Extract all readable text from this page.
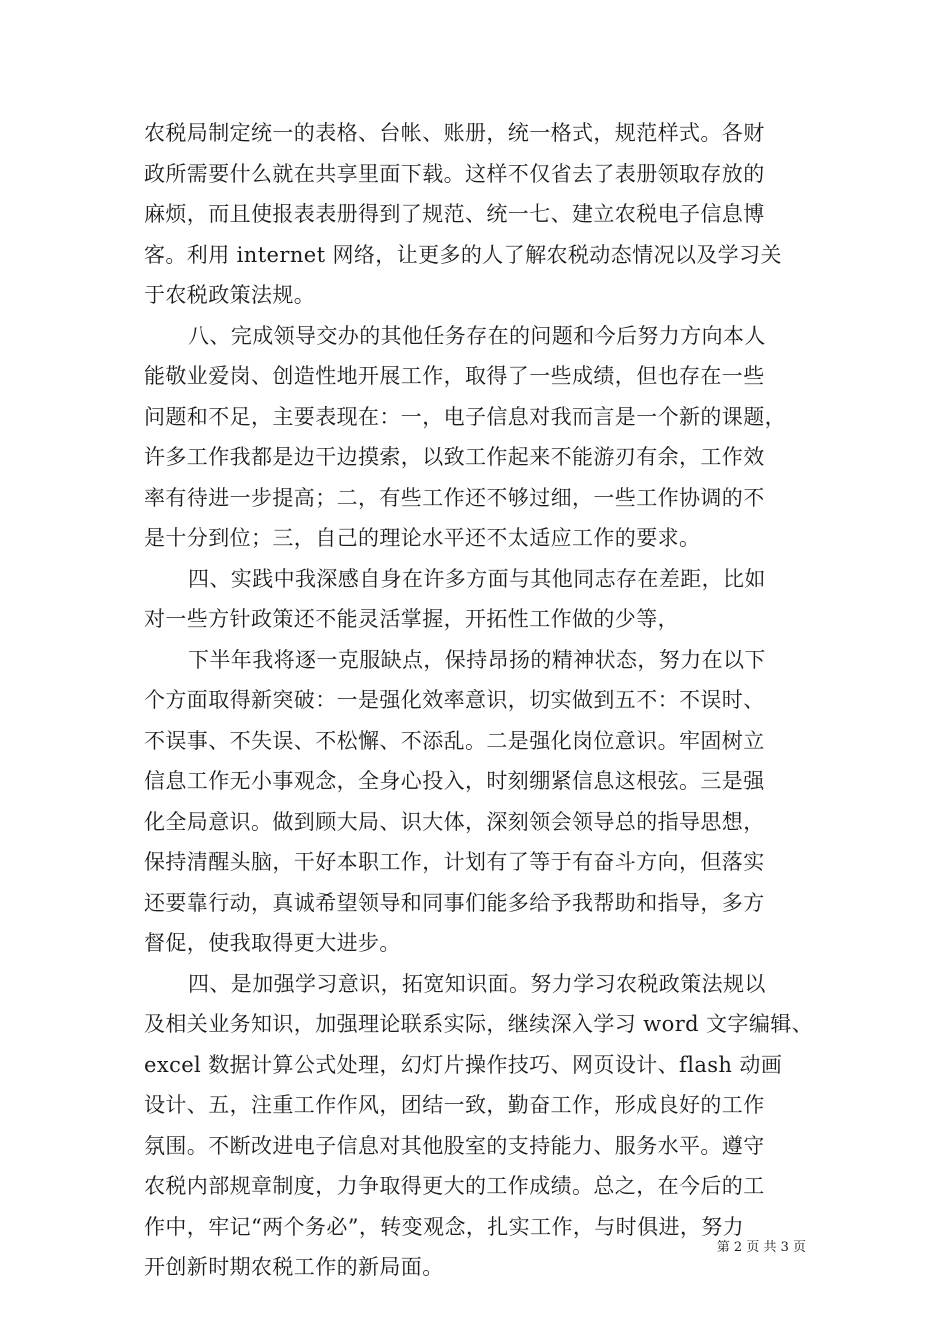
农税局制定统一的表格、台帐、账册，统一格式，规范样式。各财
政所需要什么就在共享里面下载。这样不仅省去了表册领取存放的
麻烦，而且使报表表册得到了规范、统一七、建立农税电子信息博
客。利用 internet 网络，让更多的人了解农税动态情况以及学习关
于农税政策法规。
八、完成领导交办的其他任务存在的问题和今后努力方向本人
能敬业爱岗、创造性地开展工作，取得了一些成绩，但也存在一些
问题和不足，主要表现在：一，电子信息对我而言是一个新的课题，
许多工作我都是边干边摸索，以致工作起来不能游刃有余，工作效
率有待进一步提高；二，有些工作还不够过细，一些工作协调的不
是十分到位；三，自己的理论水平还不太适应工作的要求。
四、实践中我深感自身在许多方面与其他同志存在差距，比如
对一些方针政策还不能灵活掌握，开拓性工作做的少等，
下半年我将逐一克服缺点，保持昂扬的精神状态，努力在以下
个方面取得新突破：一是强化效率意识，切实做到五不：不误时、
不误事、不失误、不松懈、不添乱。二是强化岗位意识。牢固树立
信息工作无小事观念，全身心投入，时刻绷紧信息这根弦。三是强
化全局意识。做到顾大局、识大体，深刻领会领导总的指导思想，
保持清醒头脑，干好本职工作，计划有了等于有奋斗方向，但落实
还要靠行动，真诚希望领导和同事们能多给予我帮助和指导，多方
督促，使我取得更大进步。
四、是加强学习意识，拓宽知识面。努力学习农税政策法规以
及相关业务知识，加强理论联系实际，继续深入学习 word 文字编辑、
excel 数据计算公式处理，幻灯片操作技巧、网页设计、flash 动画
设计、五，注重工作作风，团结一致，勤奋工作，形成良好的工作
氛围。不断改进电子信息对其他股室的支持能力、服务水平。遵守
农税内部规章制度，力争取得更大的工作成绩。总之，在今后的工
作中，牢记“两个务必”，转变观念，扎实工作，与时俱进，努力
开创新时期农税工作的新局面。
第 2 页 共 3 页
